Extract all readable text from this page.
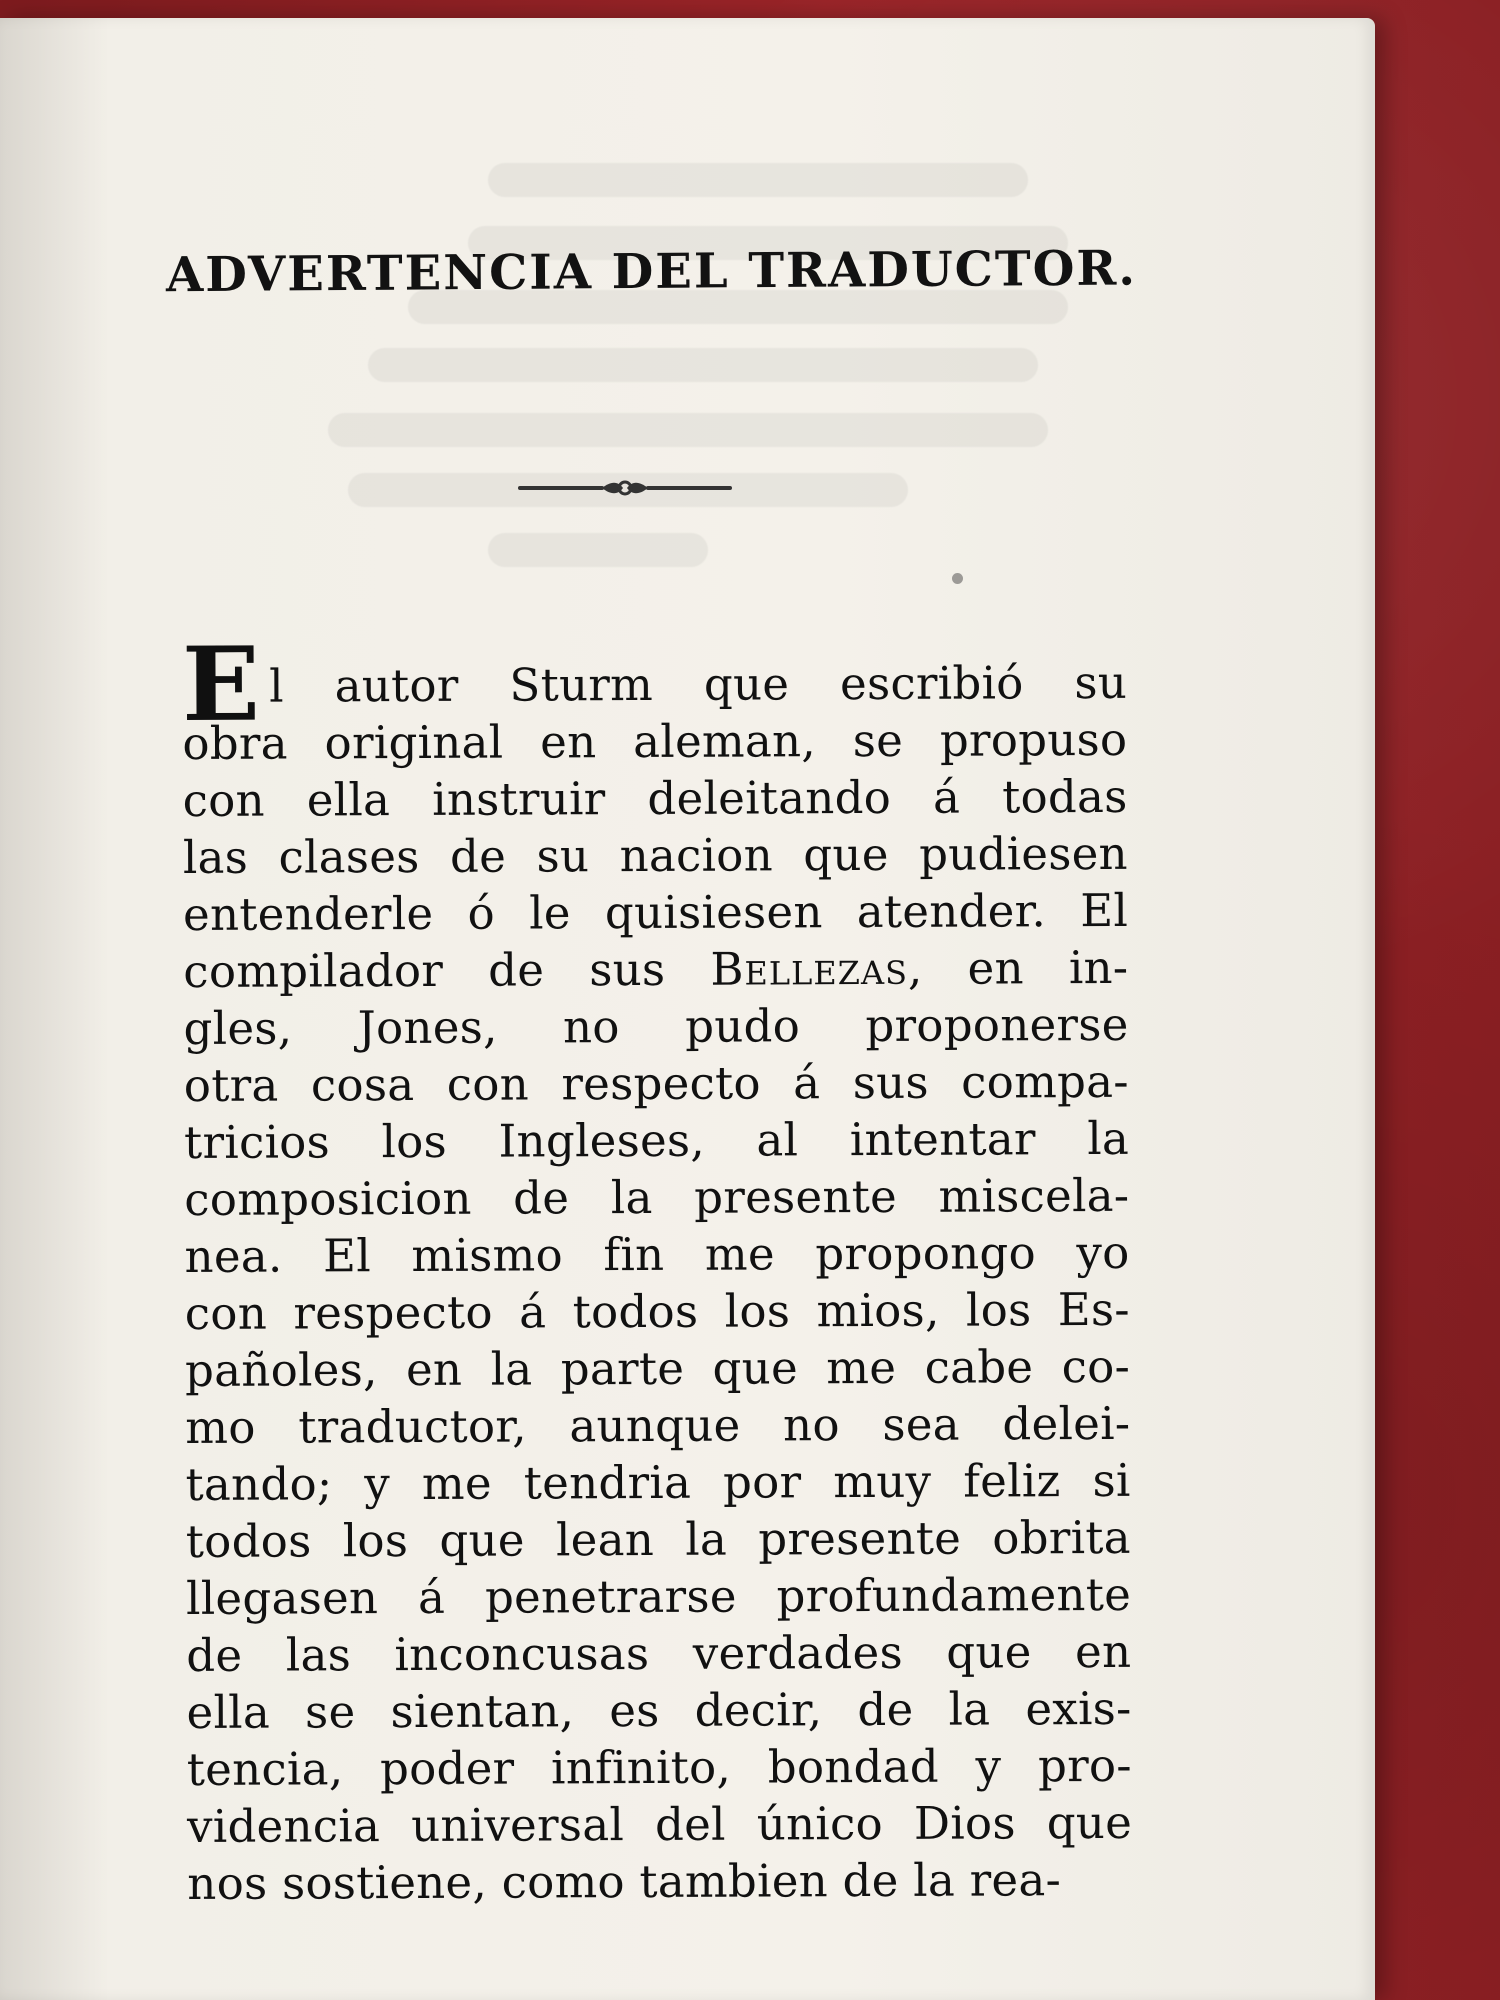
ADVERTENCIA DEL TRADUCTOR.
E l autor Sturm que escribió su
obra original en aleman, se propuso
con ella instruir deleitando á todas
las clases de su nacion que pudiesen
entenderle ó le quisiesen atender. El
compilador de sus Bellezas, en in-
gles, Jones, no pudo proponerse
otra cosa con respecto á sus compa-
tricios los Ingleses, al intentar la
composicion de la presente miscela-
nea. El mismo fin me propongo yo
con respecto á todos los mios, los Es-
pañoles, en la parte que me cabe co-
mo traductor, aunque no sea delei-
tando; y me tendria por muy feliz si
todos los que lean la presente obrita
llegasen á penetrarse profundamente
de las inconcusas verdades que en
ella se sientan, es decir, de la exis-
tencia, poder infinito, bondad y pro-
videncia universal del único Dios que
nos sostiene, como tambien de la rea-
